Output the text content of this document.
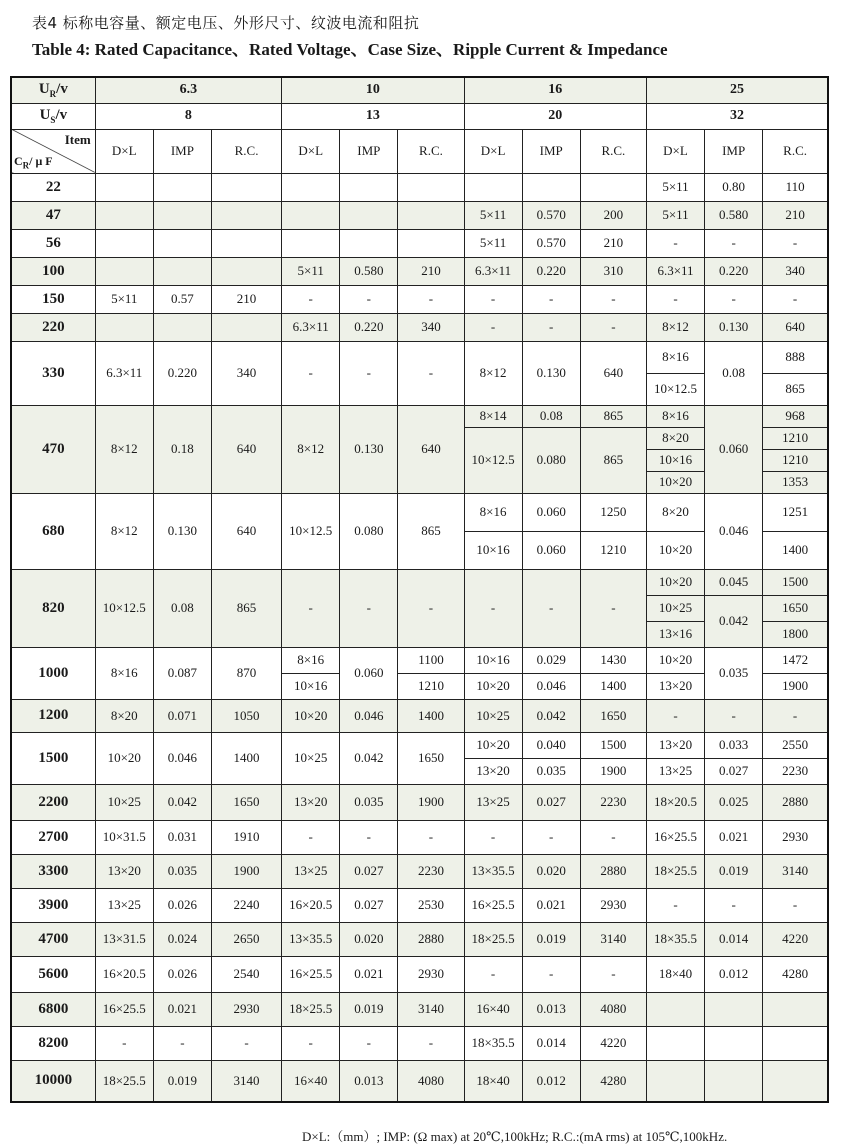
表4 标称电容量、额定电压、外形尺寸、纹波电流和阻抗
Table 4: Rated Capacitance、Rated Voltage、Case Size、Ripple Current & Impedance
$U_R/v$	6.3			10			16			25		
$U_S/v$	8			13			20			32		

Item
$C_R/$ μ F	D×L	IMP	R.C.	D×L	IMP	R.C.	D×L	IMP	R.C.	D×L	IMP	R.C.
22										5×11	0.80	110
47							5×11	0.570	200	5×11	0.580	210
56							5×11	0.570	210	-	-	-
100				5×11	0.580	210	6.3×11	0.220	310	6.3×11	0.220	340
150	5×11	0.57	210	-	-	-	-	-	-	-	-	-
220				6.3×11	0.220	340	-	-	-	8×12	0.130	640
330	6.3×11	0.220	340	-	-	-	8×12	0.130	640	8×16	0.08	888
										10×12.5		865
470	8×12	0.18	640	8×12	0.130	640	8×14	0.08	865	8×16	0.060	968
							10×12.5	0.080	865	8×20		1210
										10×16		1210
										10×20		1353
680	8×12	0.130	640	10×12.5	0.080	865	8×16	0.060	1250	8×20	0.046	1251
							10×16	0.060	1210	10×20		1400
820	10×12.5	0.08	865	-	-	-	-	-	-	10×20	0.045	1500
										10×25	0.042	1650
										13×16		1800
1000	8×16	0.087	870	8×16	0.060	1100	10×16	0.029	1430	10×20	0.035	1472
				10×16		1210	10×20	0.046	1400	13×20		1900
1200	8×20	0.071	1050	10×20	0.046	1400	10×25	0.042	1650	-	-	-
1500	10×20	0.046	1400	10×25	0.042	1650	10×20	0.040	1500	13×20	0.033	2550
							13×20	0.035	1900	13×25	0.027	2230
2200	10×25	0.042	1650	13×20	0.035	1900	13×25	0.027	2230	18×20.5	0.025	2880
2700	10×31.5	0.031	1910	-	-	-	-	-	-	16×25.5	0.021	2930
3300	13×20	0.035	1900	13×25	0.027	2230	13×35.5	0.020	2880	18×25.5	0.019	3140
3900	13×25	0.026	2240	16×20.5	0.027	2530	16×25.5	0.021	2930	-	-	-
4700	13×31.5	0.024	2650	13×35.5	0.020	2880	18×25.5	0.019	3140	18×35.5	0.014	4220
5600	16×20.5	0.026	2540	16×25.5	0.021	2930	-	-	-	18×40	0.012	4280
6800	16×25.5	0.021	2930	18×25.5	0.019	3140	16×40	0.013	4080			
8200	-	-	-	-	-	-	18×35.5	0.014	4220			
10000	18×25.5	0.019	3140	16×40	0.013	4080	18×40	0.012	4280			
D×L:（mm）; IMP: (Ω max) at 20℃,100kHz; R.C.:(mA rms) at 105℃,100kHz.
